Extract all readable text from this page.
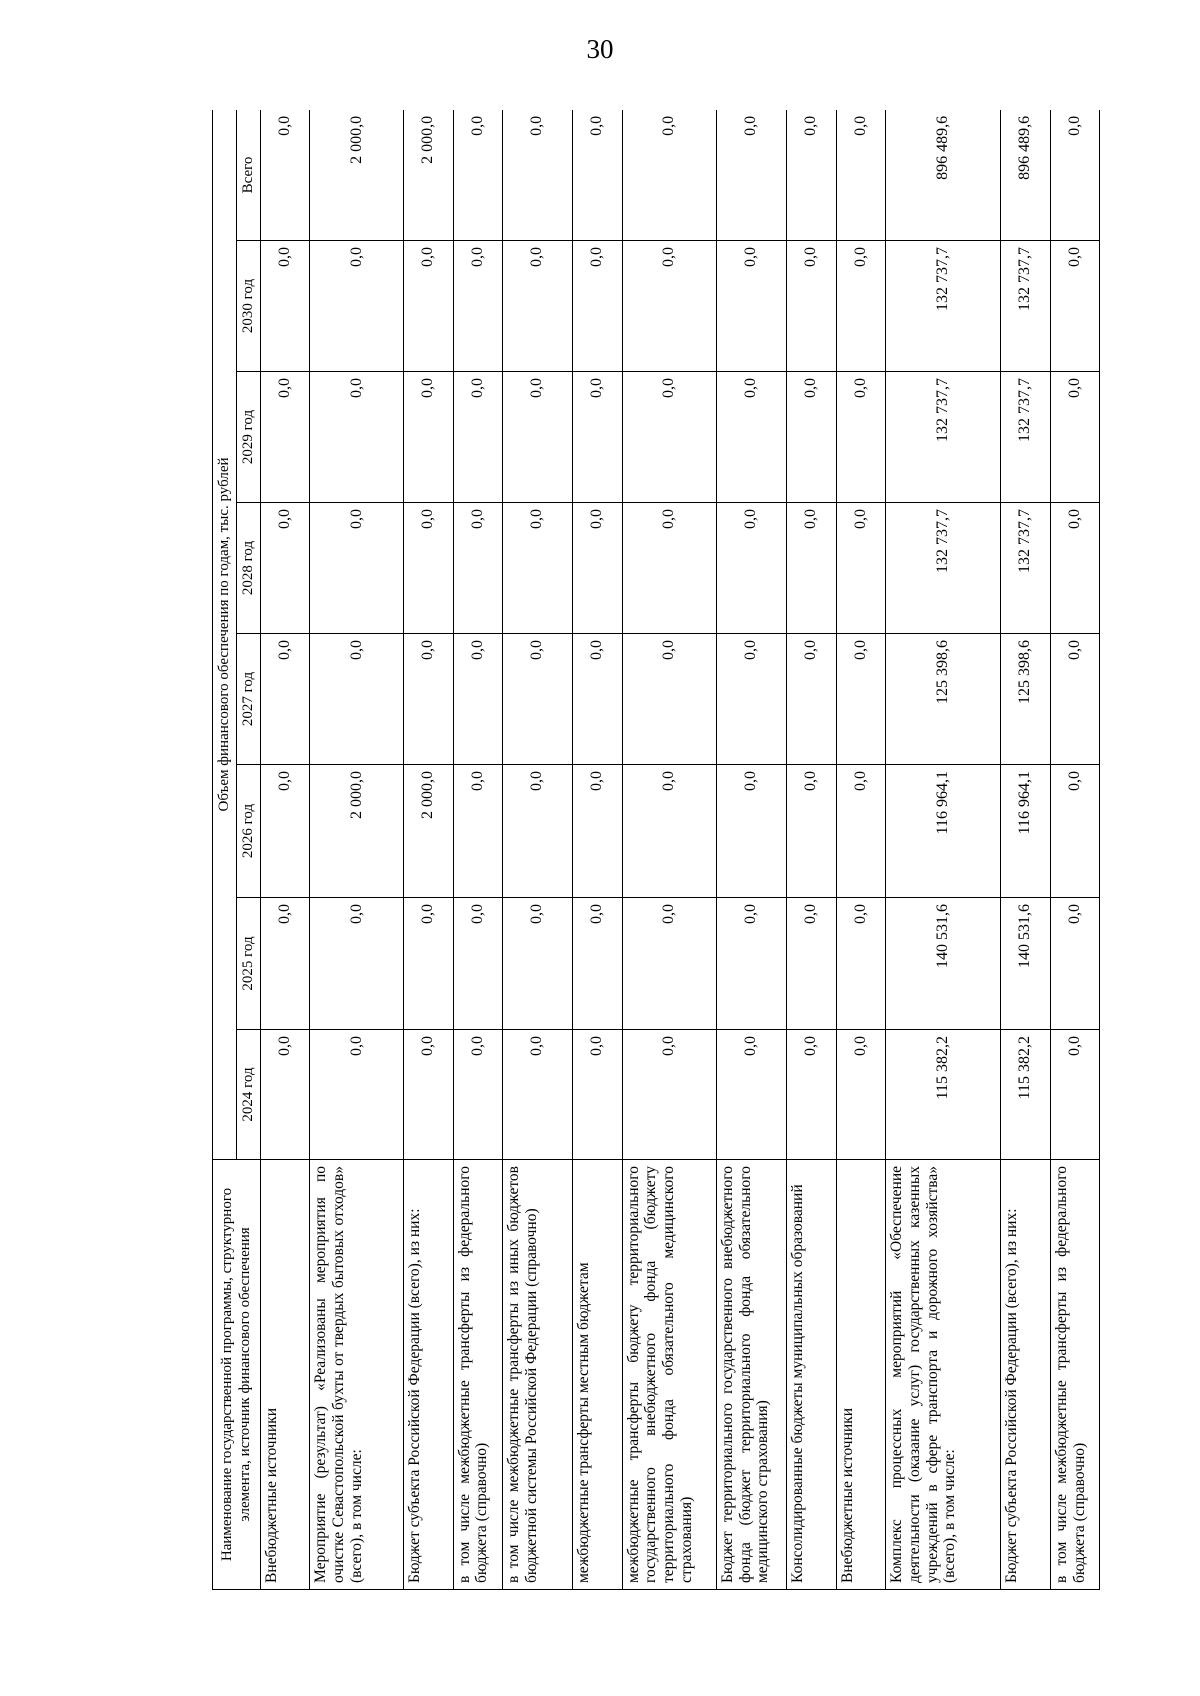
30
Наименование государственной программы, структурного элемента, источник финансового обеспечения	Объем финансового обеспечения по годам, тыс. рублей							
	2024 год	2025 год	2026 год	2027 год	2028 год	2029 год	2030 год	Всего
Внебюджетные источники	0,0	0,0	0,0	0,0	0,0	0,0	0,0	0,0
Мероприятие (результат) «Реализованы мероприятия по очистке Севастопольской бухты от твердых бытовых отходов» (всего), в том числе:	0,0	0,0	2 000,0	0,0	0,0	0,0	0,0	2 000,0
Бюджет субъекта Российской Федерации (всего), из них:	0,0	0,0	2 000,0	0,0	0,0	0,0	0,0	2 000,0
в том числе межбюджетные трансферты из федерального бюджета (справочно)	0,0	0,0	0,0	0,0	0,0	0,0	0,0	0,0
в том числе межбюджетные трансферты из иных бюджетов бюджетной системы Российской Федерации (справочно)	0,0	0,0	0,0	0,0	0,0	0,0	0,0	0,0
межбюджетные трансферты местным бюджетам	0,0	0,0	0,0	0,0	0,0	0,0	0,0	0,0
межбюджетные трансферты бюджету территориального государственного внебюджетного фонда (бюджету территориального фонда обязательного медицинского страхования)	0,0	0,0	0,0	0,0	0,0	0,0	0,0	0,0
Бюджет территориального государственного внебюджетного фонда (бюджет территориального фонда обязательного медицинского страхования)	0,0	0,0	0,0	0,0	0,0	0,0	0,0	0,0
Консолидированные бюджеты муниципальных образований	0,0	0,0	0,0	0,0	0,0	0,0	0,0	0,0
Внебюджетные источники	0,0	0,0	0,0	0,0	0,0	0,0	0,0	0,0
Комплекс процессных мероприятий «Обеспечение деятельности (оказание услуг) государственных казенных учреждений в сфере транспорта и дорожного хозяйства» (всего), в том числе:	115 382,2	140 531,6	116 964,1	125 398,6	132 737,7	132 737,7	132 737,7	896 489,6
Бюджет субъекта Российской Федерации (всего), из них:	115 382,2	140 531,6	116 964,1	125 398,6	132 737,7	132 737,7	132 737,7	896 489,6
в том числе межбюджетные трансферты из федерального бюджета (справочно)	0,0	0,0	0,0	0,0	0,0	0,0	0,0	0,0
